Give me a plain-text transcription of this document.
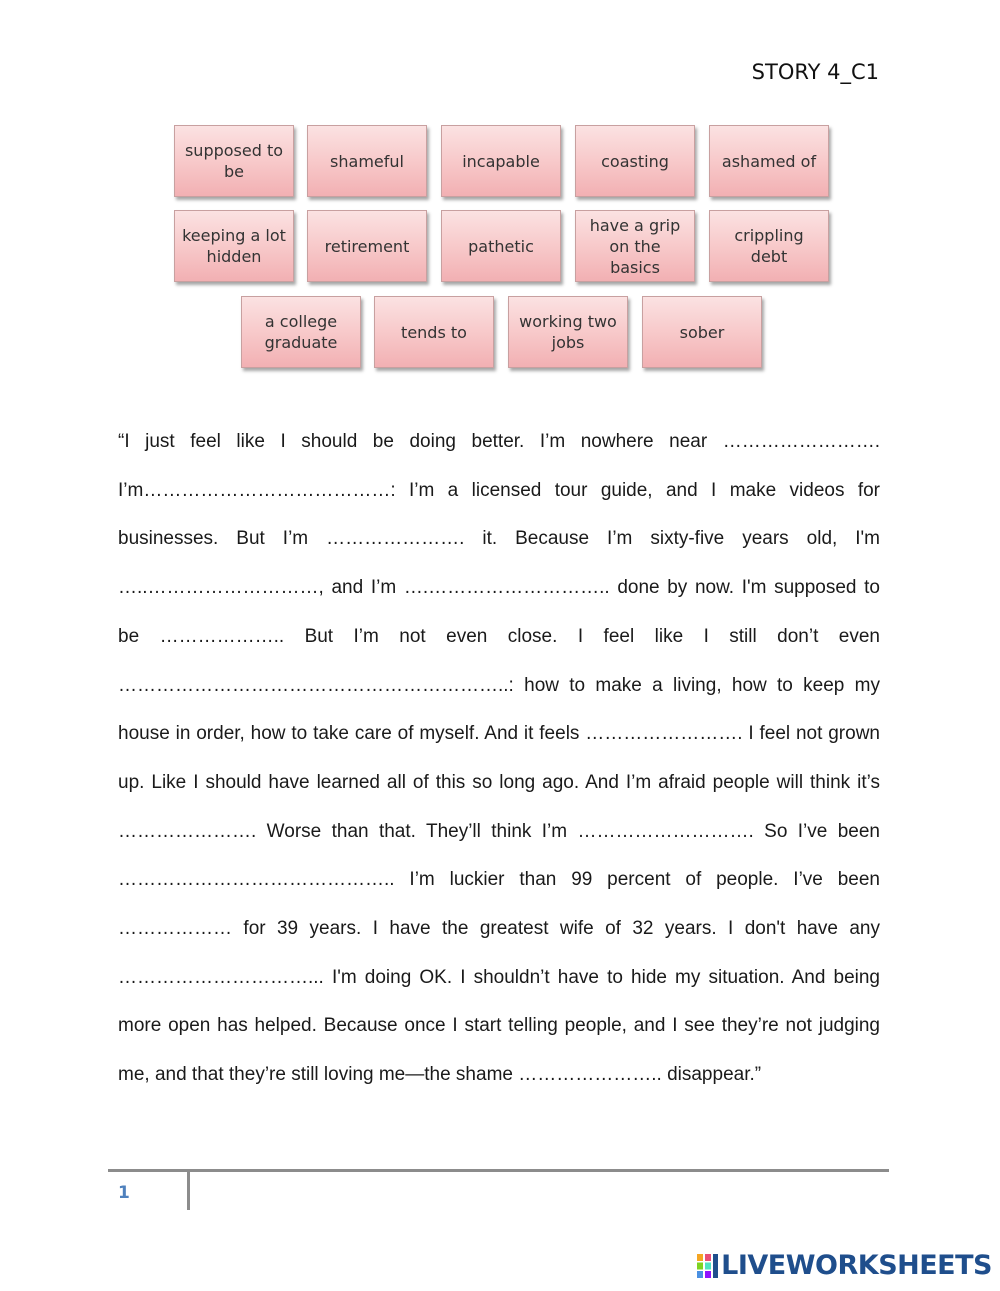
STORY 4_C1
supposed to be
shameful	incapable	coasting	ashamed of
keeping a lot hidden
retirement	pathetic
have a grip on the basics
crippling debt
a college graduate
tends to
working two jobs
sober

“I just feel like I should be doing better. I’m nowhere near ……………………. I’m…………………………………: I’m a licensed tour guide, and I make videos for businesses. But I’m …………………. it. Because I’m sixty-five years old, I'm …..………………………, and I’m ….……………………….. done by now. I'm supposed to be ……………….. But I’m not even close. I feel like I still don’t even ……………………………………………………..: how to make a living, how to keep my house in order, how to take care of myself. And it feels ……………………. I feel not grown up. Like I should have learned all of this so long ago. And I’m afraid people will think it’s …………………. Worse than that. They’ll think I’m ………………………. So I’ve been …………………………………….. I’m luckier than 99 percent of people. I’ve been ……………… for 39 years. I have the greatest wife of 32 years. I don't have any …………………………... I'm doing OK. I shouldn’t have to hide my situation. And being more open has helped. Because once I start telling people, and I see they’re not judging me, and that they’re still loving me—the shame ………………….. disappear.”

1
LIVEWORKSHEETS
